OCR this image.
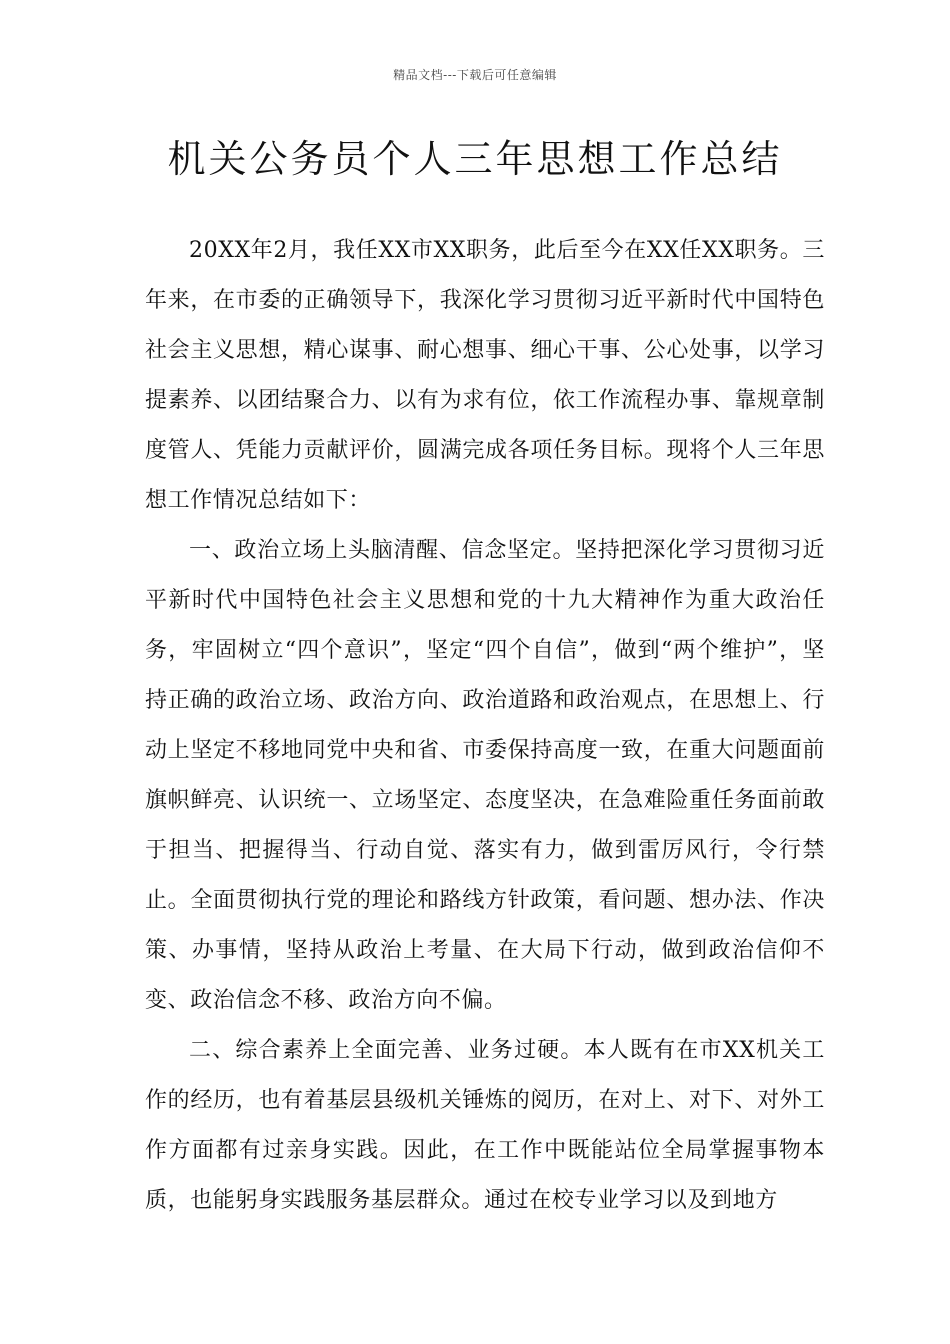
精品文档---下载后可任意编辑
机关公务员个人三年思想工作总结

20XX年2月，我任XX市XX职务，此后至今在XX任XX职务。三年来，在市委的正确领导下，我深化学习贯彻习近平新时代中国特色社会主义思想，精心谋事、耐心想事、细心干事、公心处事，以学习提素养、以团结聚合力、以有为求有位，依工作流程办事、靠规章制度管人、凭能力贡献评价，圆满完成各项任务目标。现将个人三年思想工作情况总结如下：

一、政治立场上头脑清醒、信念坚定。坚持把深化学习贯彻习近平新时代中国特色社会主义思想和党的十九大精神作为重大政治任务，牢固树立“四个意识”，坚定“四个自信”，做到“两个维护”，坚持正确的政治立场、政治方向、政治道路和政治观点，在思想上、行动上坚定不移地同党中央和省、市委保持高度一致，在重大问题面前旗帜鲜亮、认识统一、立场坚定、态度坚决，在急难险重任务面前敢于担当、把握得当、行动自觉、落实有力，做到雷厉风行，令行禁止。全面贯彻执行党的理论和路线方针政策，看问题、想办法、作决策、办事情，坚持从政治上考量、在大局下行动，做到政治信仰不变、政治信念不移、政治方向不偏。

二、综合素养上全面完善、业务过硬。本人既有在市XX机关工作的经历，也有着基层县级机关锤炼的阅历，在对上、对下、对外工作方面都有过亲身实践。因此，在工作中既能站位全局掌握事物本质，也能躬身实践服务基层群众。通过在校专业学习以及到地方
